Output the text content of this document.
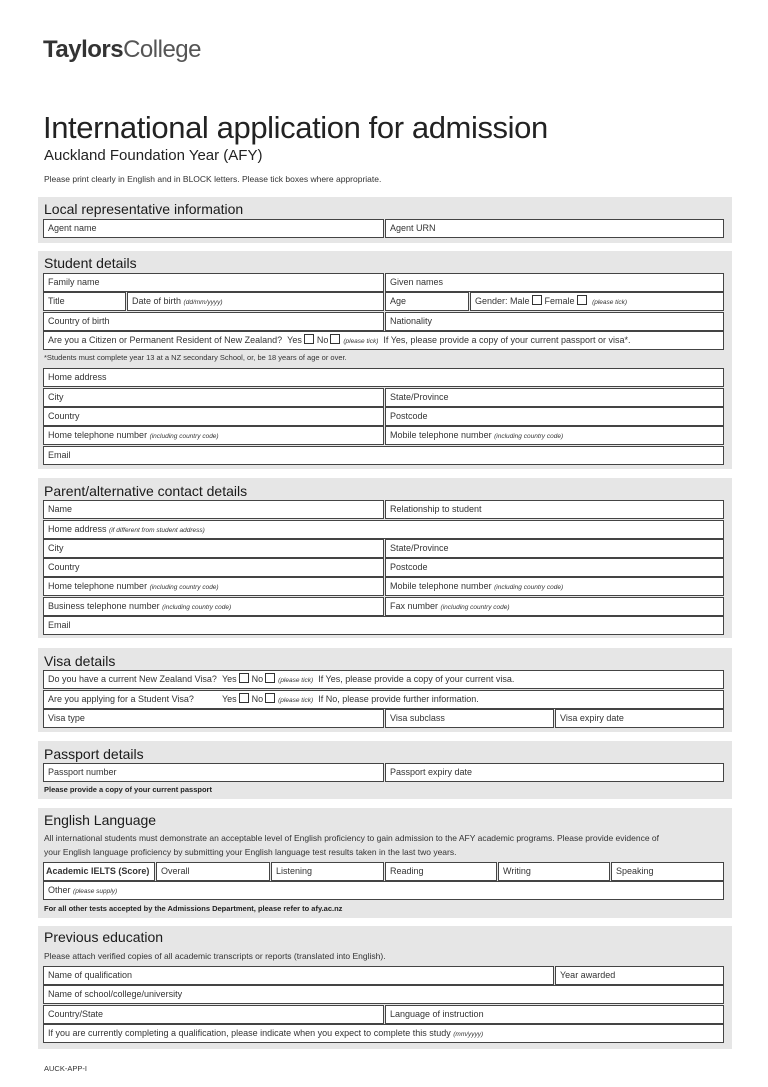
TaylorsCollege
International application for admission
Auckland Foundation Year (AFY)
Please print clearly in English and in BLOCK letters. Please tick boxes where appropriate.
Local representative information
Agent name	Agent URN
Student details
Family name	Given names
Title	Date of birth (dd/mm/yyyy)	Age	Gender: Male Female	(please tick)
Country of birth	Nationality
Are you a Citizen or Permanent Resident of New Zealand? Yes No (please tick) If Yes, please provide a copy of your current passport or visa*.
*Students must complete year 13 at a NZ secondary School, or, be 18 years of age or over.
Home address
City	State/Province
Country	Postcode
Home telephone number (including country code)	Mobile telephone number (including country code)
Email
Parent/alternative contact details
Name	Relationship to student
Home address (if different from student address)
City	State/Province
Country	Postcode
Home telephone number (including country code)	Mobile telephone number (including country code)
Business telephone number (including country code)	Fax number (including country code)
Email
Visa details
Do you have a current New Zealand Visa? Yes No (please tick) If Yes, please provide a copy of your current visa.
Are you applying for a Student Visa?	Yes No (please tick) If No, please provide further information.
Visa type	Visa subclass	Visa expiry date
Passport details
Passport number	Passport expiry date
Please provide a copy of your current passport
English Language
All international students must demonstrate an acceptable level of English proficiency to gain admission to the AFY academic programs. Please provide evidence of
your English language proficiency by submitting your English language test results taken in the last two years.
Academic IELTS (Score)	Overall	Listening	Reading	Writing	Speaking
Other (please supply)
For all other tests accepted by the Admissions Department, please refer to afy.ac.nz
Previous education
Please attach verified copies of all academic transcripts or reports (translated into English).
Name of qualification	Year awarded
Name of school/college/university
Country/State	Language of instruction
If you are currently completing a qualification, please indicate when you expect to complete this study (mm/yyyy)
AUCK-APP-I
